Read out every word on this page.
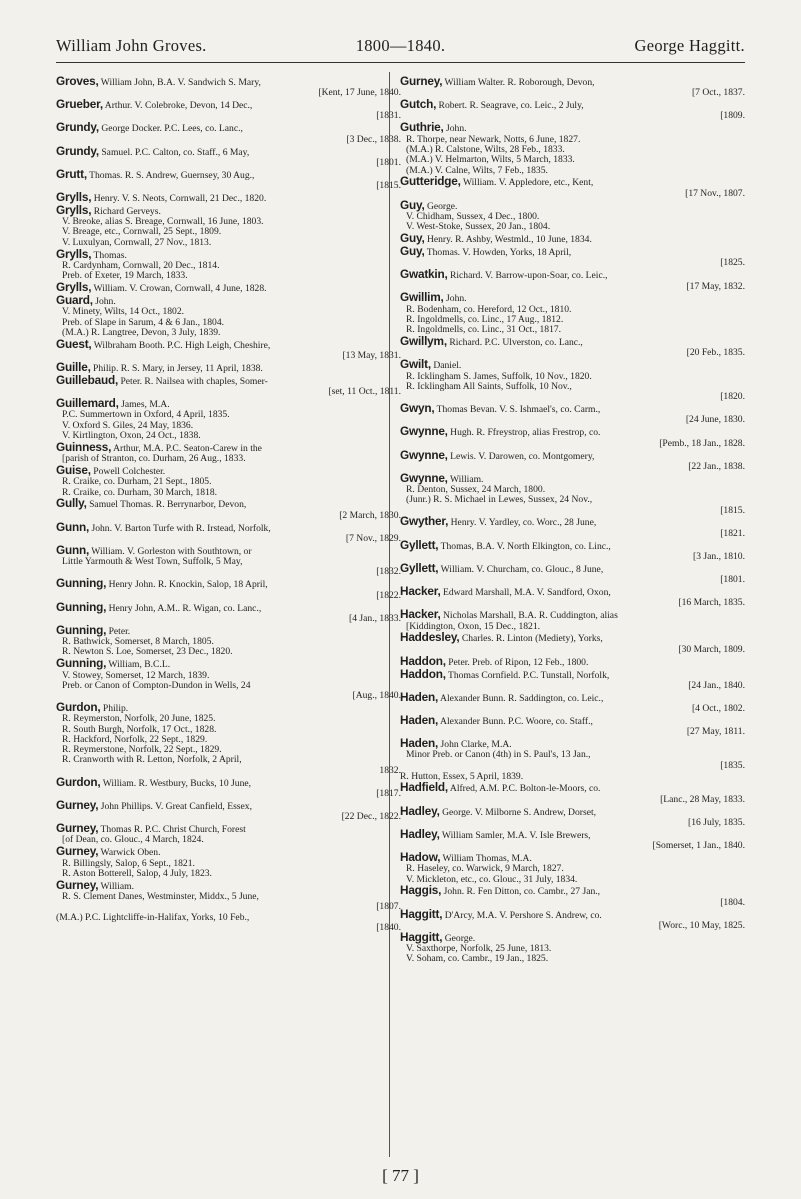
William John Groves.	1800—1840.	George Haggitt.
Groves, William John, B.A. V. Sandwich S. Mary,
[Kent, 17 June, 1840.
Grueber, Arthur. V. Colebroke, Devon, 14 Dec.,
[1831.
Grundy, George Docker. P.C. Lees, co. Lanc.,
[3 Dec., 1838.
Grundy, Samuel. P.C. Calton, co. Staff., 6 May,
[1801.
Grutt, Thomas. R. S. Andrew, Guernsey, 30 Aug.,
[1815.
Grylls, Henry. V. S. Neots, Cornwall, 21 Dec., 1820.
Grylls, Richard Gerveys.
V. Breoke, alias S. Breage, Cornwall, 16 June, 1803.
V. Breage, etc., Cornwall, 25 Sept., 1809.
V. Luxulyan, Cornwall, 27 Nov., 1813.
Grylls, Thomas.
R. Cardynham, Cornwall, 20 Dec., 1814.
Preb. of Exeter, 19 March, 1833.
Grylls, William. V. Crowan, Cornwall, 4 June, 1828.
Guard, John.
V. Minety, Wilts, 14 Oct., 1802.
Preb. of Slape in Sarum, 4 & 6 Jan., 1804.
(M.A.) R. Langtree, Devon, 3 July, 1839.
Guest, Wilbraham Booth. P.C. High Leigh, Cheshire,
[13 May, 1831.
Guille, Philip. R. S. Mary, in Jersey, 11 April, 1838.
Guillebaud, Peter. R. Nailsea with chaples, Somer-
[set, 11 Oct., 1811.
Guillemard, James, M.A.
P.C. Summertown in Oxford, 4 April, 1835.
V. Oxford S. Giles, 24 May, 1836.
V. Kirtlington, Oxon, 24 Oct., 1838.
Guinness, Arthur, M.A. P.C. Seaton-Carew in the
[parish of Stranton, co. Durham, 26 Aug., 1833.
Guise, Powell Colchester.
R. Craike, co. Durham, 21 Sept., 1805.
R. Craike, co. Durham, 30 March, 1818.
Gully, Samuel Thomas. R. Berrynarbor, Devon,
[2 March, 1830.
Gunn, John. V. Barton Turfe with R. Irstead, Norfolk,
[7 Nov., 1829.
Gunn, William. V. Gorleston with Southtown, or
Little Yarmouth & West Town, Suffolk, 5 May,
[1832.
Gunning, Henry John. R. Knockin, Salop, 18 April,
[1822.
Gunning, Henry John, A.M.. R. Wigan, co. Lanc.,
[4 Jan., 1833.
Gunning, Peter.
R. Bathwick, Somerset, 8 March, 1805.
R. Newton S. Loe, Somerset, 23 Dec., 1820.
Gunning, William, B.C.L.
V. Stowey, Somerset, 12 March, 1839.
Preb. or Canon of Compton-Dundon in Wells, 24
[Aug., 1840.
Gurdon, Philip.
R. Reymerston, Norfolk, 20 June, 1825.
R. South Burgh, Norfolk, 17 Oct., 1828.
R. Hackford, Norfolk, 22 Sept., 1829.
R. Reymerstone, Norfolk, 22 Sept., 1829.
R. Cranworth with R. Letton, Norfolk, 2 April,
1832.
Gurdon, William. R. Westbury, Bucks, 10 June,
[1817.
Gurney, John Phillips. V. Great Canfield, Essex,
[22 Dec., 1822.
Gurney, Thomas R. P.C. Christ Church, Forest
[of Dean, co. Glouc., 4 March, 1824.
Gurney, Warwick Oben.
R. Billingsly, Salop, 6 Sept., 1821.
R. Aston Botterell, Salop, 4 July, 1823.
Gurney, William.
R. S. Clement Danes, Westminster, Middx., 5 June,
[1807.
(M.A.) P.C. Lightcliffe-in-Halifax, Yorks, 10 Feb.,
[1840.
Gurney, William Walter. R. Roborough, Devon,
[7 Oct., 1837.
Gutch, Robert. R. Seagrave, co. Leic., 2 July,
[1809.
Guthrie, John.
R. Thorpe, near Newark, Notts, 6 June, 1827.
(M.A.) R. Calstone, Wilts, 28 Feb., 1833.
(M.A.) V. Helmarton, Wilts, 5 March, 1833.
(M.A.) V. Calne, Wilts, 7 Feb., 1835.
Gutteridge, William. V. Appledore, etc., Kent,
[17 Nov., 1807.
Guy, George.
V. Chidham, Sussex, 4 Dec., 1800.
V. West-Stoke, Sussex, 20 Jan., 1804.
Guy, Henry. R. Ashby, Westmld., 10 June, 1834.
Guy, Thomas. V. Howden, Yorks, 18 April,
[1825.
Gwatkin, Richard. V. Barrow-upon-Soar, co. Leic.,
[17 May, 1832.
Gwillim, John.
R. Bodenham, co. Hereford, 12 Oct., 1810.
R. Ingoldmells, co. Linc., 17 Aug., 1812.
R. Ingoldmells, co. Linc., 31 Oct., 1817.
Gwillym, Richard. P.C. Ulverston, co. Lanc.,
[20 Feb., 1835.
Gwilt, Daniel.
R. Icklingham S. James, Suffolk, 10 Nov., 1820.
R. Icklingham All Saints, Suffolk, 10 Nov.,
[1820.
Gwyn, Thomas Bevan. V. S. Ishmael's, co. Carm.,
[24 June, 1830.
Gwynne, Hugh. R. Ffreystrop, alias Frestrop, co.
[Pemb., 18 Jan., 1828.
Gwynne, Lewis. V. Darowen, co. Montgomery,
[22 Jan., 1838.
Gwynne, William.
R. Denton, Sussex, 24 March, 1800.
(Junr.) R. S. Michael in Lewes, Sussex, 24 Nov.,
[1815.
Gwyther, Henry. V. Yardley, co. Worc., 28 June,
[1821.
Gyllett, Thomas, B.A. V. North Elkington, co. Linc.,
[3 Jan., 1810.
Gyllett, William. V. Churcham, co. Glouc., 8 June,
[1801.
Hacker, Edward Marshall, M.A. V. Sandford, Oxon,
[16 March, 1835.
Hacker, Nicholas Marshall, B.A. R. Cuddington, alias
[Kiddington, Oxon, 15 Dec., 1821.
Haddesley, Charles. R. Linton (Mediety), Yorks,
[30 March, 1809.
Haddon, Peter. Preb. of Ripon, 12 Feb., 1800.
Haddon, Thomas Cornfield. P.C. Tunstall, Norfolk,
[24 Jan., 1840.
Haden, Alexander Bunn. R. Saddington, co. Leic.,
[4 Oct., 1802.
Haden, Alexander Bunn. P.C. Woore, co. Staff.,
[27 May, 1811.
Haden, John Clarke, M.A.
Minor Preb. or Canon (4th) in S. Paul's, 13 Jan.,
[1835.
R. Hutton, Essex, 5 April, 1839.
Hadfield, Alfred, A.M. P.C. Bolton-le-Moors, co.
[Lanc., 28 May, 1833.
Hadley, George. V. Milborne S. Andrew, Dorset,
[16 July, 1835.
Hadley, William Samler, M.A. V. Isle Brewers,
[Somerset, 1 Jan., 1840.
Hadow, William Thomas, M.A.
R. Haseley, co. Warwick, 9 March, 1827.
V. Mickleton, etc., co. Glouc., 31 July, 1834.
Haggis, John. R. Fen Ditton, co. Cambr., 27 Jan.,
[1804.
Haggitt, D'Arcy, M.A. V. Pershore S. Andrew, co.
[Worc., 10 May, 1825.
Haggitt, George.
V. Saxthorpe, Norfolk, 25 June, 1813.
V. Soham, co. Cambr., 19 Jan., 1825.
[ 77 ]
